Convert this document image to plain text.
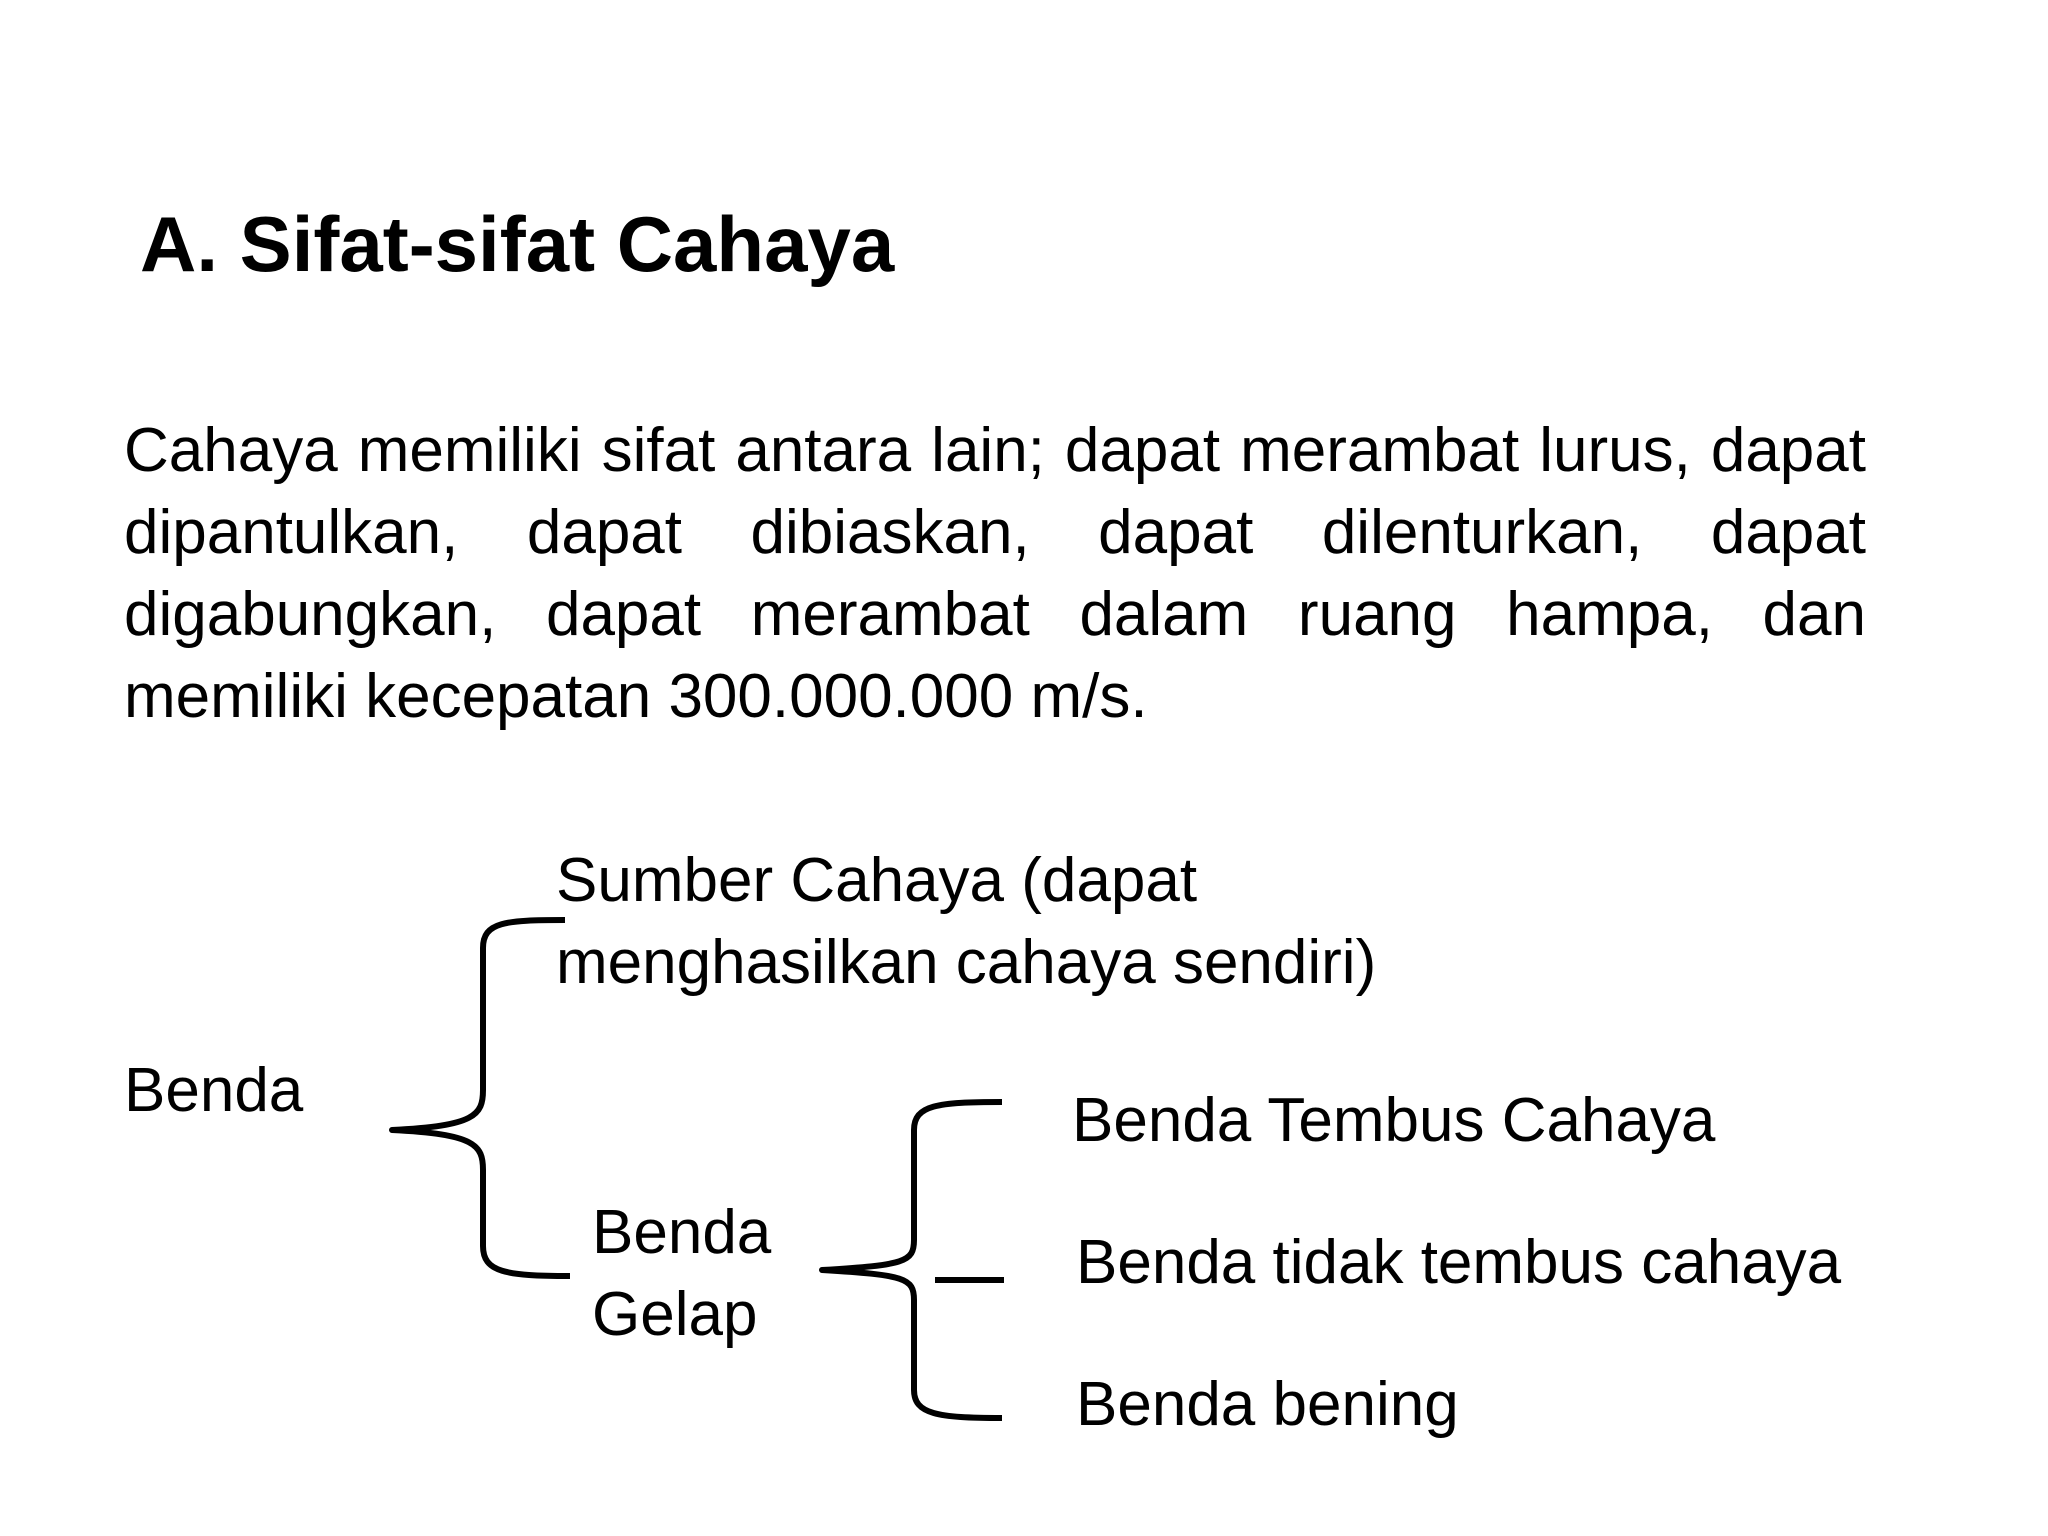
A. Sifat-sifat Cahaya

Cahaya memiliki sifat antara lain; dapat merambat lurus, dapat dipantulkan, dapat dibiaskan, dapat dilenturkan, dapat digabungkan, dapat merambat dalam ruang hampa, dan memiliki kecepatan 300.000.000 m/s.

Benda
Sumber Cahaya (dapat
menghasilkan cahaya sendiri)
Benda
Gelap
Benda Tembus Cahaya
Benda tidak tembus cahaya
Benda bening
